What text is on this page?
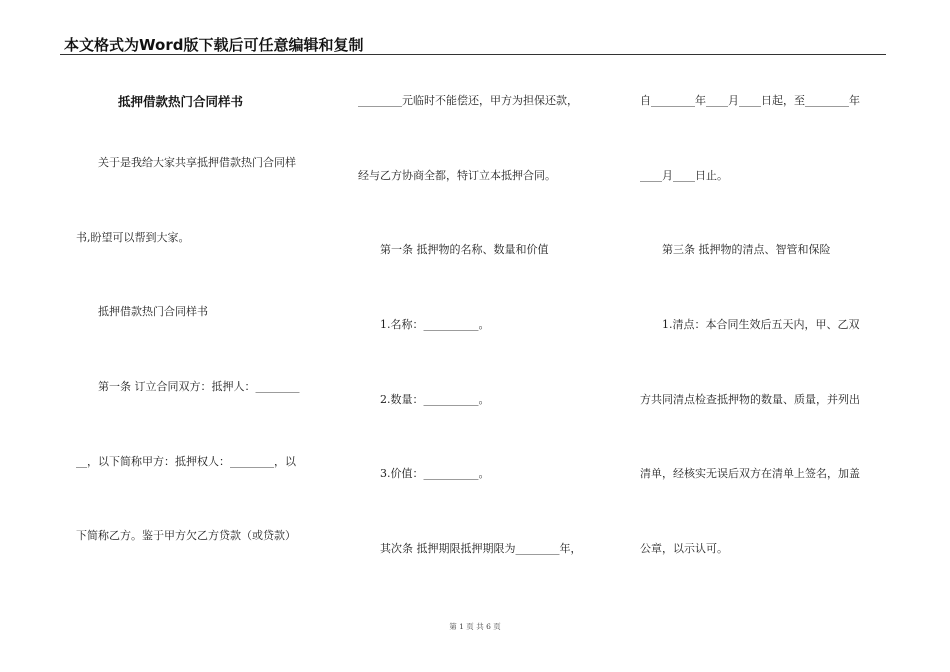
本文格式为Word版下载后可任意编辑和复制
抵押借款热门合同样书
关于是我给大家共享抵押借款热门合同样
书,盼望可以帮到大家。
抵押借款热门合同样书
第一条 订立合同双方：抵押人：________
__，以下简称甲方：抵押权人：________，以
下简称乙方。鉴于甲方欠乙方贷款（或贷款）
________元临时不能偿还，甲方为担保还款，
经与乙方协商全都，特订立本抵押合同。
第一条 抵押物的名称、数量和价值
1.名称：__________。
2.数量：__________。
3.价值：__________。
其次条 抵押期限抵押期限为________年，
自________年____月____日起，至________年
____月____日止。
第三条 抵押物的清点、智管和保险
1.清点：本合同生效后五天内，甲、乙双
方共同清点检查抵押物的数量、质量，并列出
清单，经核实无误后双方在清单上签名，加盖
公章，以示认可。
第 1 页 共 6 页
